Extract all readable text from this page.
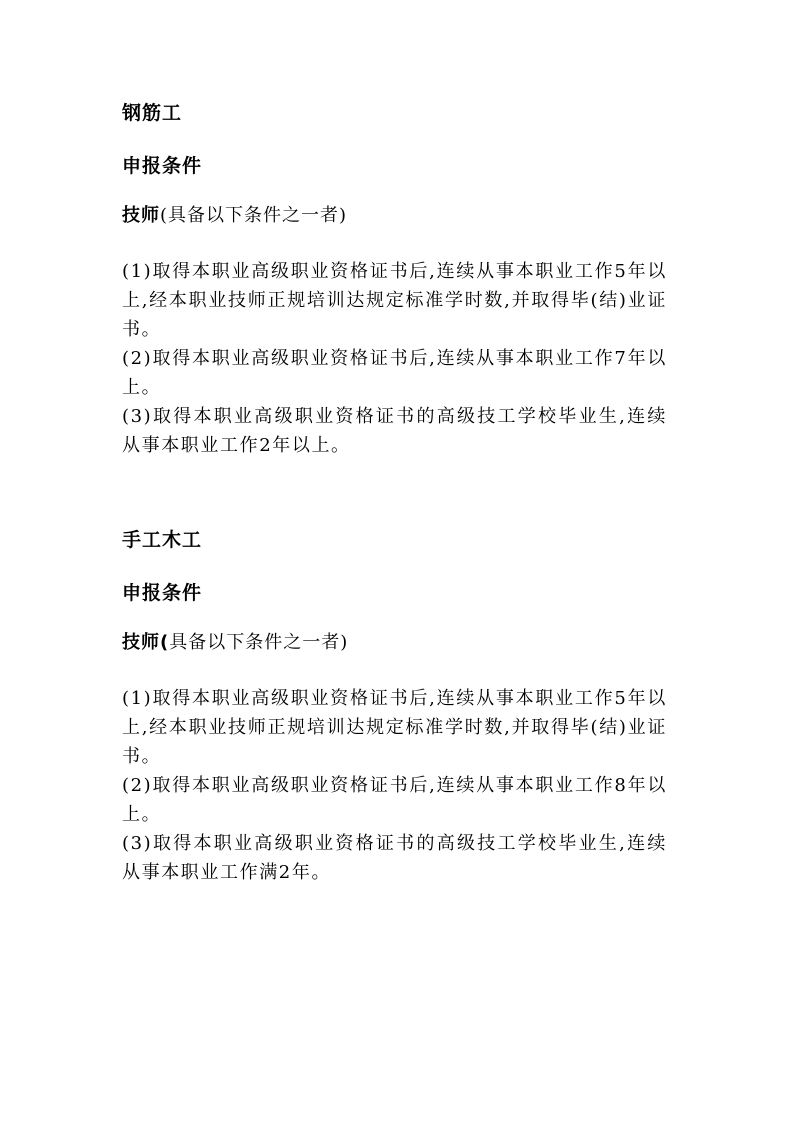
钢筋工
申报条件
技师(具备以下条件之一者)
(1)取得本职业高级职业资格证书后,连续从事本职业工作5年以上,经本职业技师正规培训达规定标准学时数,并取得毕(结)业证书。
(2)取得本职业高级职业资格证书后,连续从事本职业工作7年以上。
(3)取得本职业高级职业资格证书的高级技工学校毕业生,连续从事本职业工作2年以上。
手工木工
申报条件
技师(具备以下条件之一者)
(1)取得本职业高级职业资格证书后,连续从事本职业工作5年以上,经本职业技师正规培训达规定标准学时数,并取得毕(结)业证书。
(2)取得本职业高级职业资格证书后,连续从事本职业工作8年以上。
(3)取得本职业高级职业资格证书的高级技工学校毕业生,连续从事本职业工作满2年。
